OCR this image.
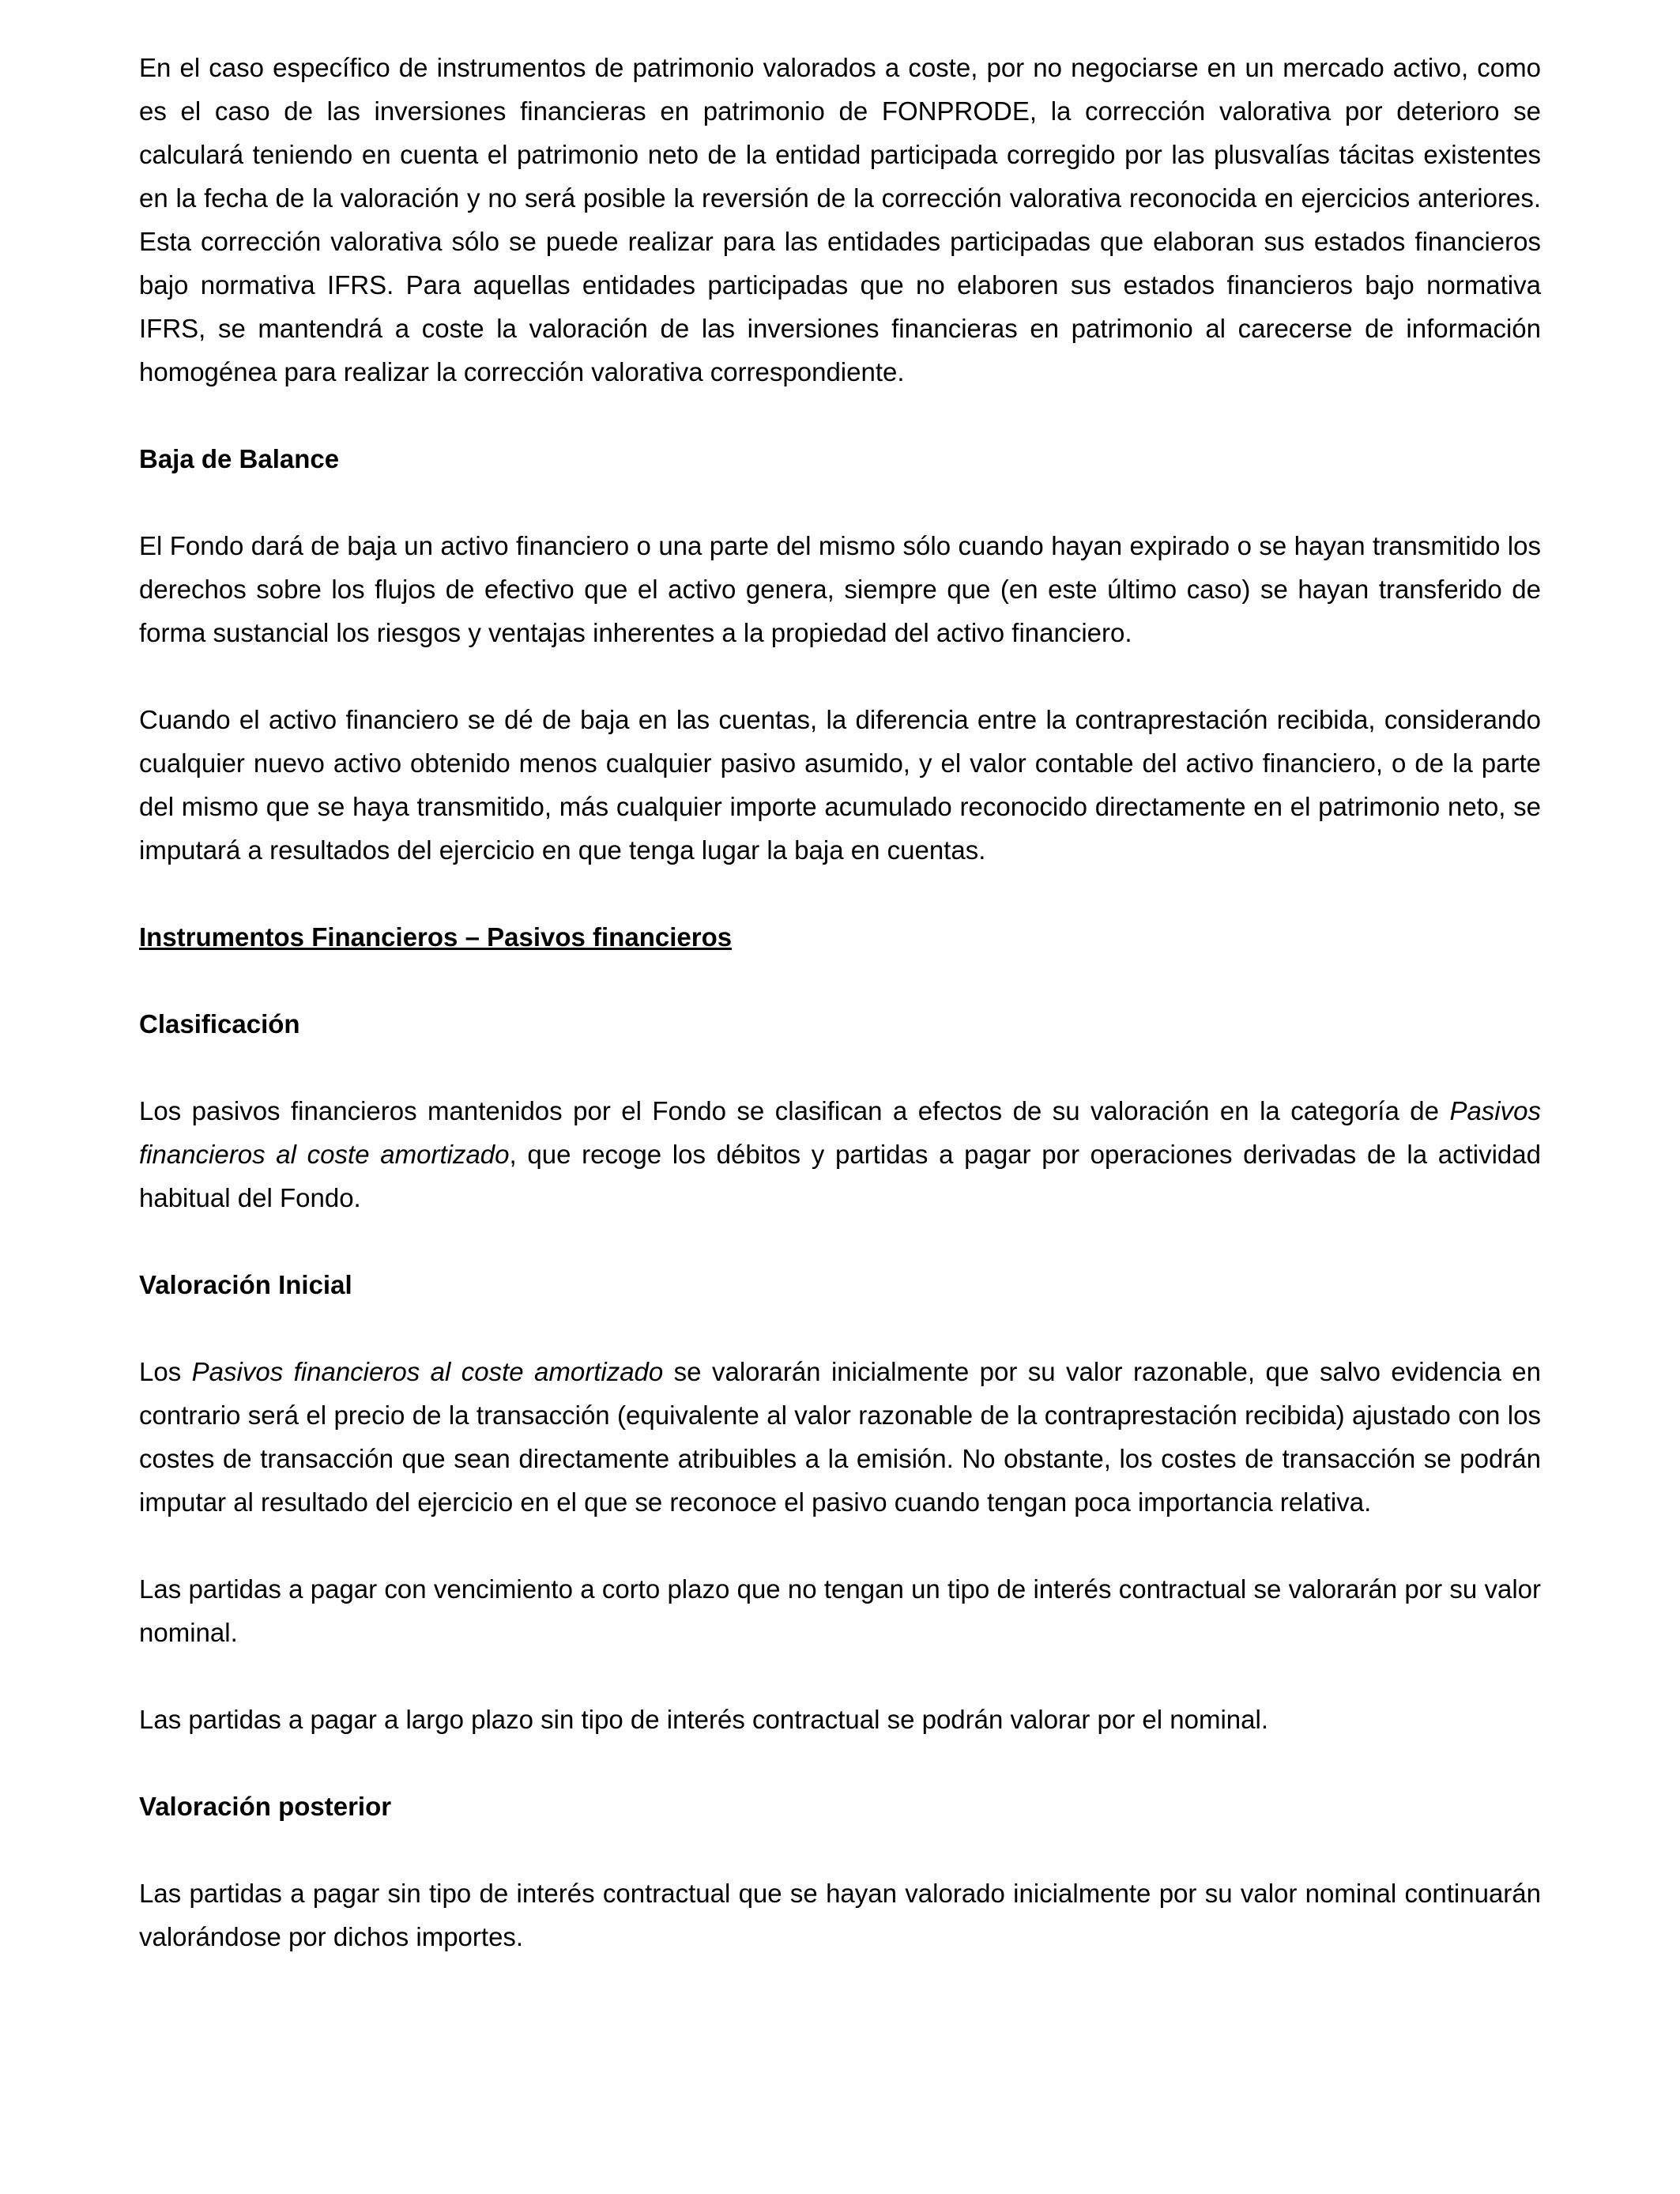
En el caso específico de instrumentos de patrimonio valorados a coste, por no negociarse en un mercado activo, como es el caso de las inversiones financieras en patrimonio de FONPRODE, la corrección valorativa por deterioro se calculará teniendo en cuenta el patrimonio neto de la entidad participada corregido por las plusvalías tácitas existentes en la fecha de la valoración y no será posible la reversión de la corrección valorativa reconocida en ejercicios anteriores. Esta corrección valorativa sólo se puede realizar para las entidades participadas que elaboran sus estados financieros bajo normativa IFRS. Para aquellas entidades participadas que no elaboren sus estados financieros bajo normativa IFRS, se mantendrá a coste la valoración de las inversiones financieras en patrimonio al carecerse de información homogénea para realizar la corrección valorativa correspondiente.

Baja de Balance

El Fondo dará de baja un activo financiero o una parte del mismo sólo cuando hayan expirado o se hayan transmitido los derechos sobre los flujos de efectivo que el activo genera, siempre que (en este último caso) se hayan transferido de forma sustancial los riesgos y ventajas inherentes a la propiedad del activo financiero.

Cuando el activo financiero se dé de baja en las cuentas, la diferencia entre la contraprestación recibida, considerando cualquier nuevo activo obtenido menos cualquier pasivo asumido, y el valor contable del activo financiero, o de la parte del mismo que se haya transmitido, más cualquier importe acumulado reconocido directamente en el patrimonio neto, se imputará a resultados del ejercicio en que tenga lugar la baja en cuentas.

Instrumentos Financieros – Pasivos financieros

Clasificación

Los pasivos financieros mantenidos por el Fondo se clasifican a efectos de su valoración en la categoría de Pasivos financieros al coste amortizado, que recoge los débitos y partidas a pagar por operaciones derivadas de la actividad habitual del Fondo.

Valoración Inicial

Los Pasivos financieros al coste amortizado se valorarán inicialmente por su valor razonable, que salvo evidencia en contrario será el precio de la transacción (equivalente al valor razonable de la contraprestación recibida) ajustado con los costes de transacción que sean directamente atribuibles a la emisión. No obstante, los costes de transacción se podrán imputar al resultado del ejercicio en el que se reconoce el pasivo cuando tengan poca importancia relativa.

Las partidas a pagar con vencimiento a corto plazo que no tengan un tipo de interés contractual se valorarán por su valor nominal.

Las partidas a pagar a largo plazo sin tipo de interés contractual se podrán valorar por el nominal.

Valoración posterior

Las partidas a pagar sin tipo de interés contractual que se hayan valorado inicialmente por su valor nominal continuarán valorándose por dichos importes.
